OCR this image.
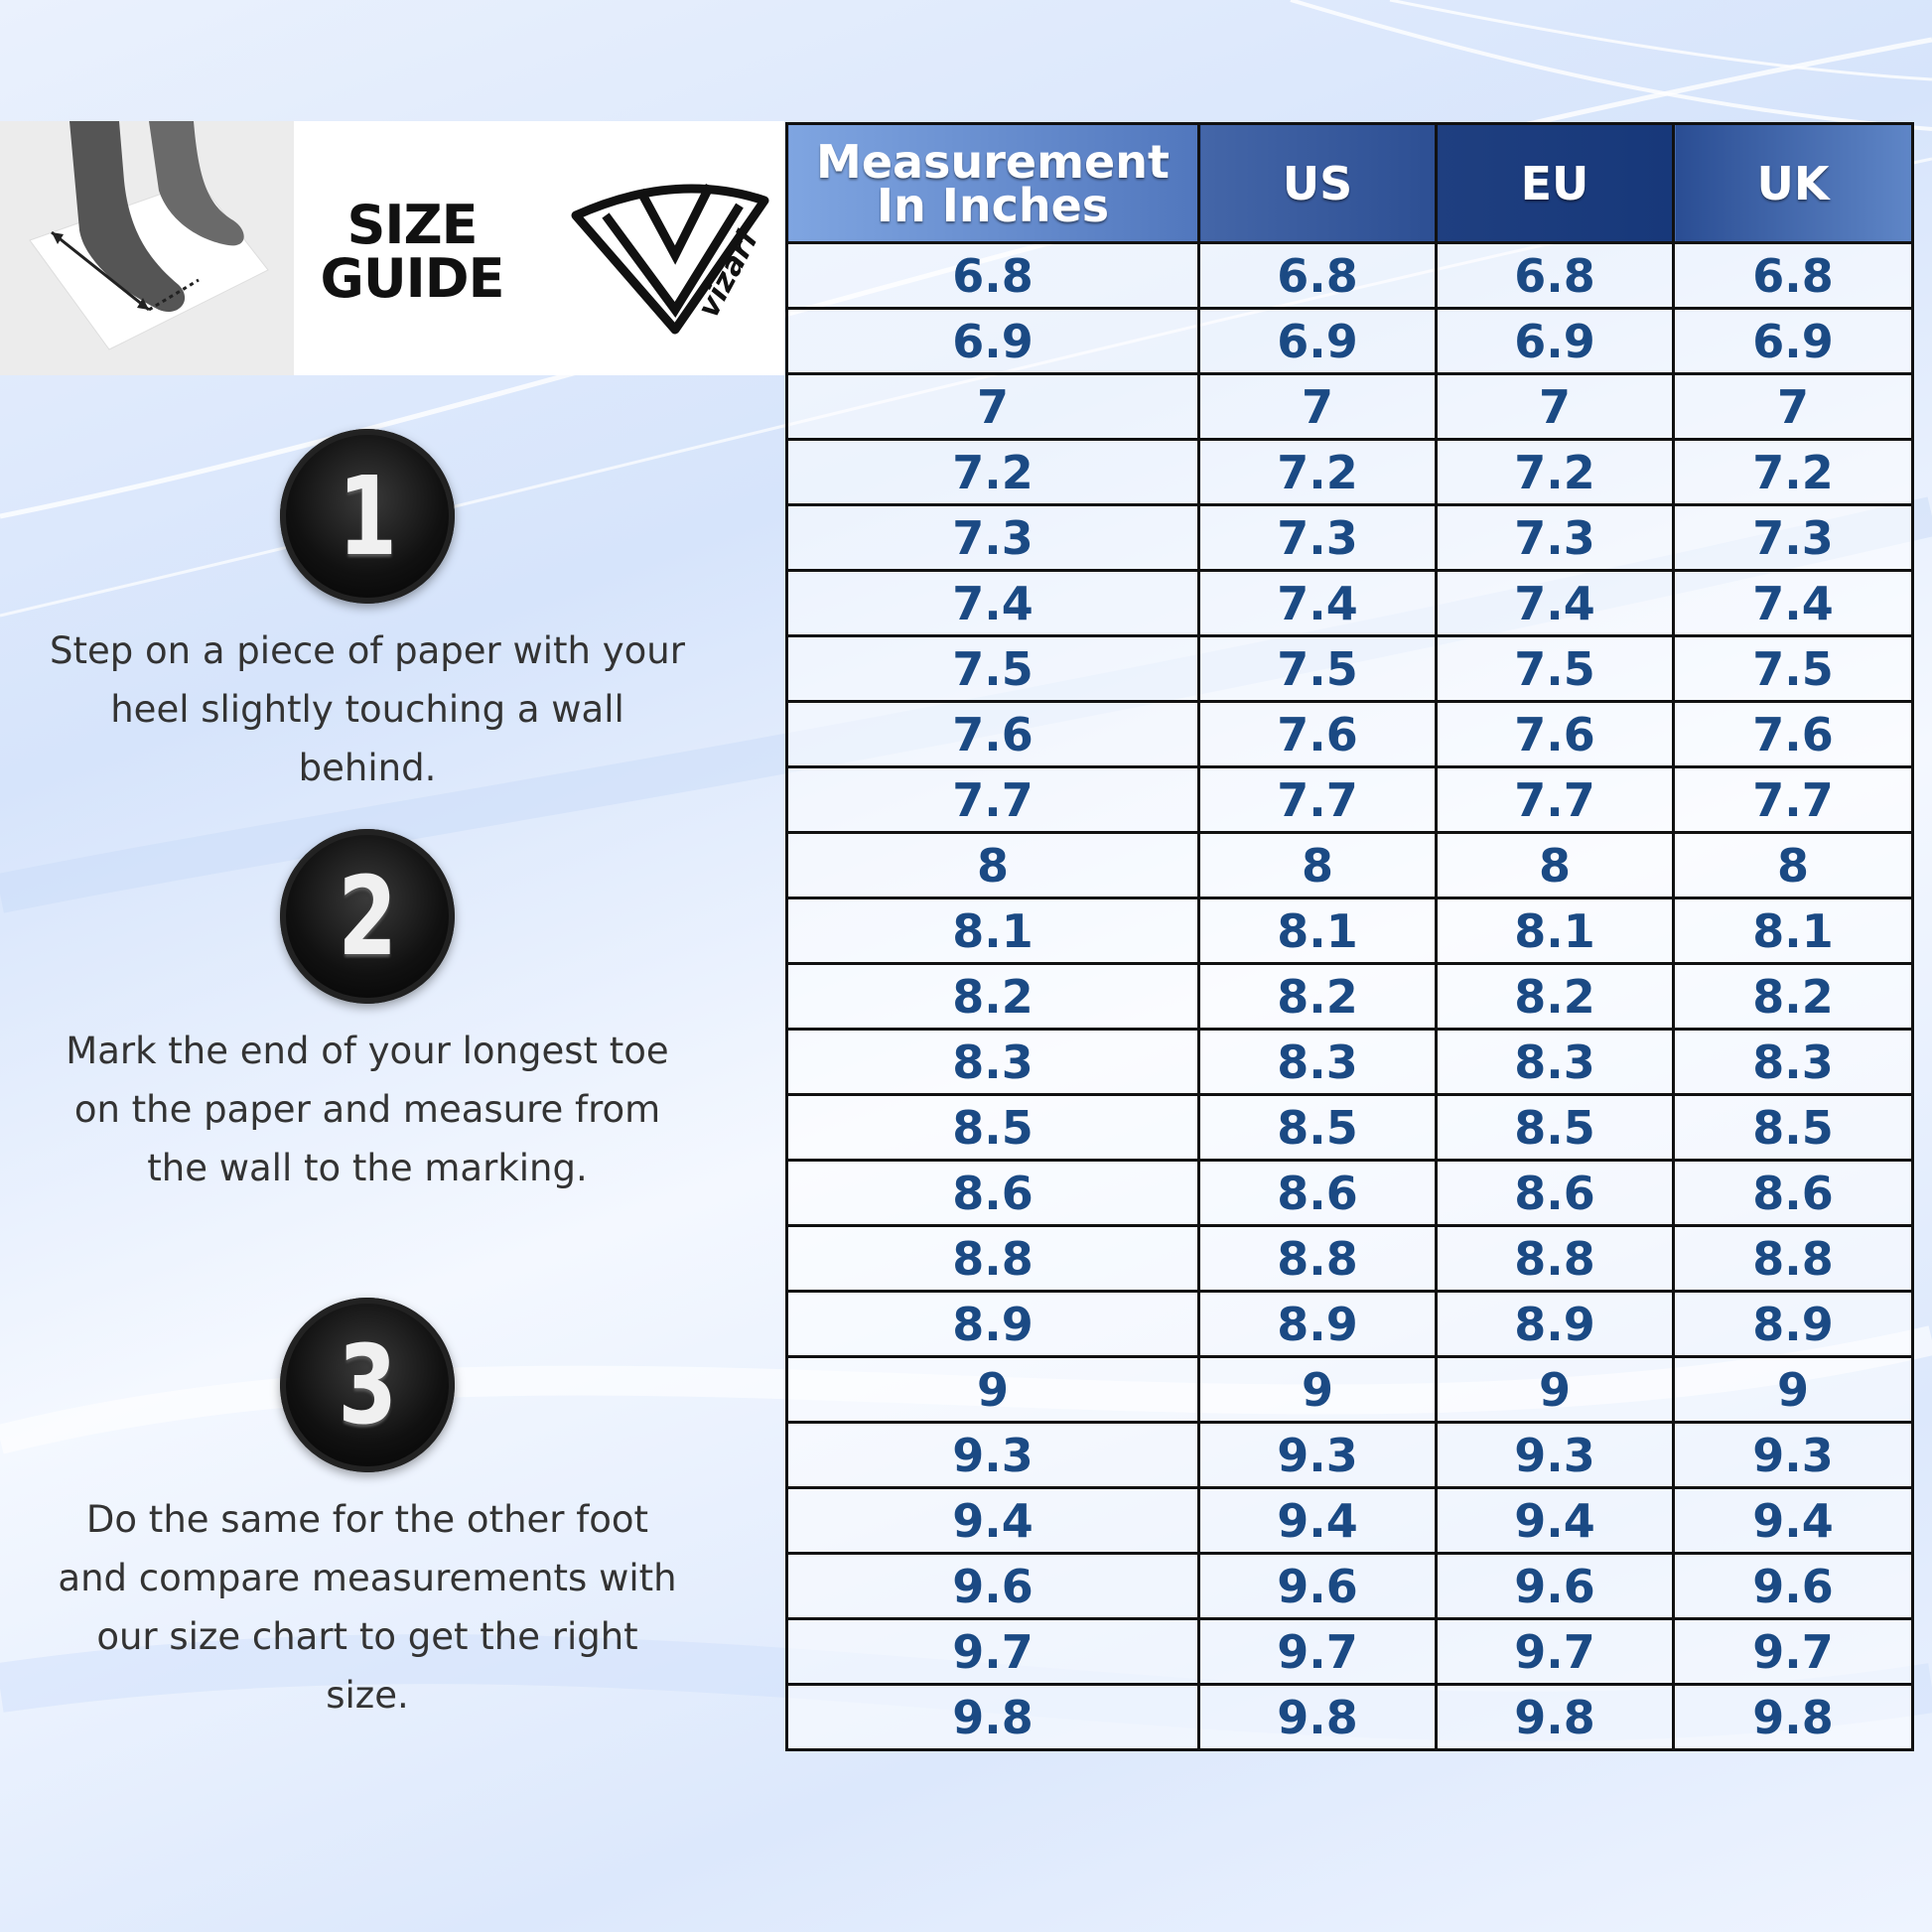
SIZE
GUIDE	vizari
1
Step on a piece of paper with your heel slightly touching a wall behind.
2
Mark the end of your longest toe on the paper and measure from the wall to the marking.
3
Do the same for the other foot and compare measurements with our size chart to get the right size.
Measurement In Inches	US	EU	UK
6.8	6.8	6.8	6.8
6.9	6.9	6.9	6.9
7	7	7	7
7.2	7.2	7.2	7.2
7.3	7.3	7.3	7.3
7.4	7.4	7.4	7.4
7.5	7.5	7.5	7.5
7.6	7.6	7.6	7.6
7.7	7.7	7.7	7.7
8	8	8	8
8.1	8.1	8.1	8.1
8.2	8.2	8.2	8.2
8.3	8.3	8.3	8.3
8.5	8.5	8.5	8.5
8.6	8.6	8.6	8.6
8.8	8.8	8.8	8.8
8.9	8.9	8.9	8.9
9	9	9	9
9.3	9.3	9.3	9.3
9.4	9.4	9.4	9.4
9.6	9.6	9.6	9.6
9.7	9.7	9.7	9.7
9.8	9.8	9.8	9.8
